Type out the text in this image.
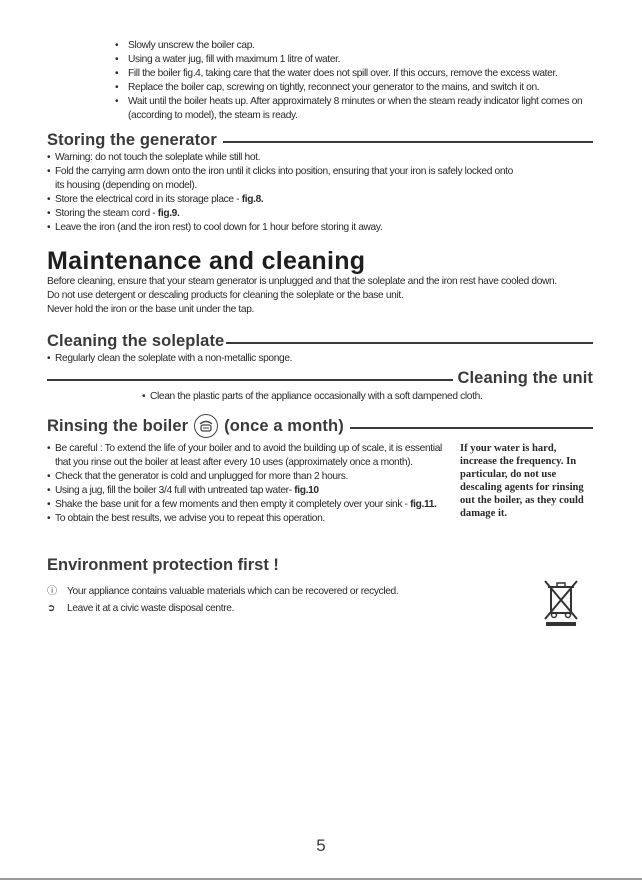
• Slowly unscrew the boiler cap.
• Using a water jug, fill with maximum 1 litre of water.
• Fill the boiler fig.4, taking care that the water does not spill over. If this occurs, remove the excess water.
• Replace the boiler cap, screwing on tightly, reconnect your generator to the mains, and switch it on.
• Wait until the boiler heats up. After approximately 8 minutes or when the steam ready indicator light comes on (according to model), the steam is ready.
Storing the generator
• Warning: do not touch the soleplate while still hot.
• Fold the carrying arm down onto the iron until it clicks into position, ensuring that your iron is safely locked onto its housing (depending on model).
• Store the electrical cord in its storage place - fig.8.
• Storing the steam cord - fig.9.
• Leave the iron (and the iron rest) to cool down for 1 hour before storing it away.
Maintenance and cleaning
Before cleaning, ensure that your steam generator is unplugged and that the soleplate and the iron rest have cooled down.
Do not use detergent or descaling products for cleaning the soleplate or the base unit.
Never hold the iron or the base unit under the tap.
Cleaning the soleplate
• Regularly clean the soleplate with a non-metallic sponge.
Cleaning the unit
• Clean the plastic parts of the appliance occasionally with a soft dampened cloth.
Rinsing the boiler (once a month)
• Be careful : To extend the life of your boiler and to avoid the building up of scale, it is essential that you rinse out the boiler at least after every 10 uses (approximately once a month).
• Check that the generator is cold and unplugged for more than 2 hours.
• Using a jug, fill the boiler 3/4 full with untreated tap water- fig.10
• Shake the base unit for a few moments and then empty it completely over your sink - fig.11.
• To obtain the best results, we advise you to repeat this operation.
If your water is hard, increase the frequency. In particular, do not use descaling agents for rinsing out the boiler, as they could damage it.
Environment protection first !
ⓘ Your appliance contains valuable materials which can be recovered or recycled.
➲	Leave it at a civic waste disposal centre.
5
